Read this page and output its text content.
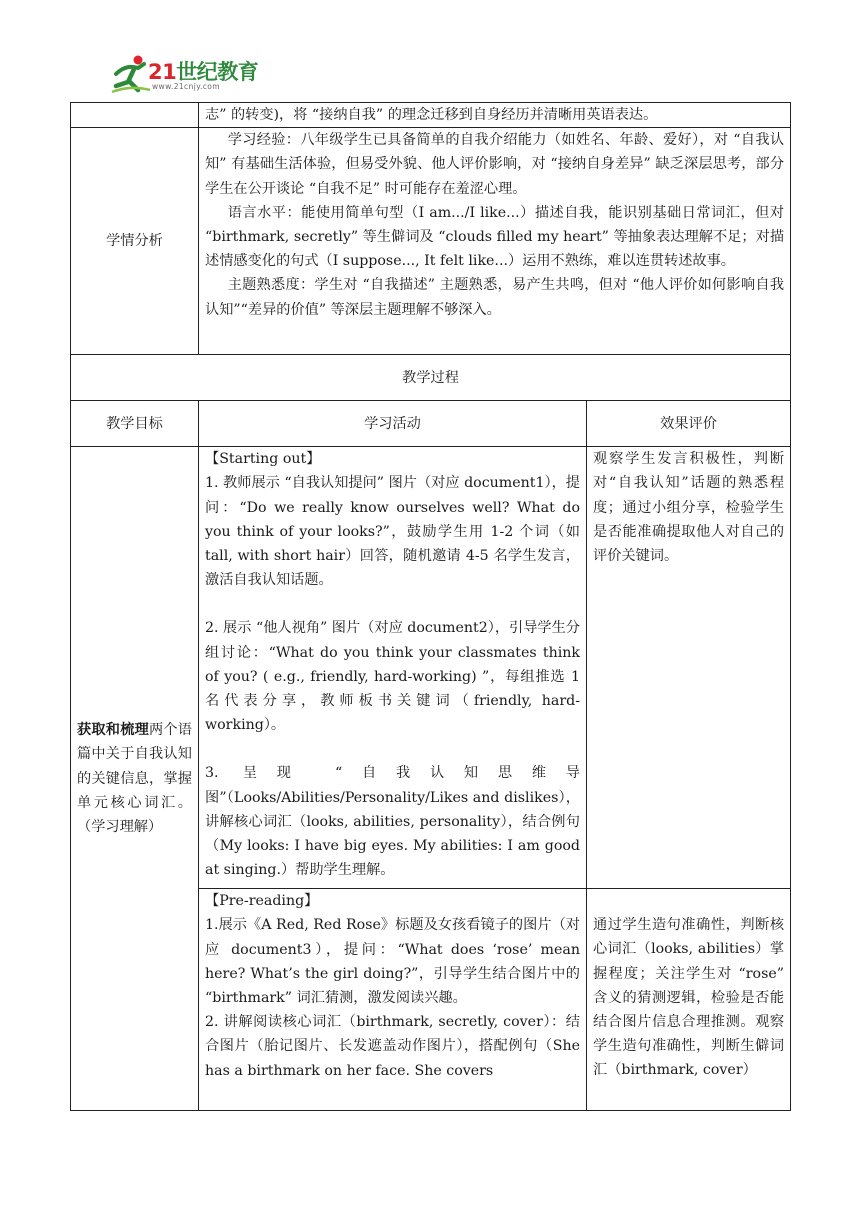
21世纪教育
www.21cnjy.com
	志” 的转变)，将 “接纳自我” 的理念迁移到自身经历并清晰用英语表达。	
学情分析	学习经验：八年级学生已具备简单的自我介绍能力（如姓名、年龄、爱好），对 “自我认知” 有基础生活体验，但易受外貌、他人评价影响，对 “接纳自身差异” 缺乏深层思考，部分学生在公开谈论 “自我不足” 时可能存在羞涩心理。

语言水平：能使用简单句型（I am.../I like...）描述自我，能识别基础日常词汇，但对 “birthmark, secretly” 等生僻词及 “clouds filled my heart” 等抽象表达理解不足；对描述情感变化的句式（I suppose..., It felt like...）运用不熟练，难以连贯转述故事。

主题熟悉度：学生对 “自我描述” 主题熟悉，易产生共鸣，但对 “他人评价如何影响自我认知”“差异的价值” 等深层主题理解不够深入。	

教学过程		
教学目标	学习活动	效果评价
获取和梳理两个语篇中关于自我认知的关键信息，掌握单元核心词汇。（学习理解）	【Starting out】

1. 教师展示 “自我认知提问” 图片（对应 document1），提问：“Do we really know ourselves well? What do you think of your looks?”，鼓励学生用 1-2 个词（如 tall, with short hair）回答，随机邀请 4-5 名学生发言，激活自我认知话题。

2. 展示 “他人视角” 图片（对应 document2），引导学生分组讨论：“What do you think your classmates think of you? ( e.g., friendly, hard-working) ”，每组推选 1 名代表分享，教师板书关键词（friendly, hard-working）。

3. 呈现 “自我认知思维导图”（Looks/Abilities/Personality/Likes and dislikes），讲解核心词汇（looks, abilities, personality），结合例句（My looks: I have big eyes. My abilities: I am good at singing.）帮助学生理解。	观察学生发言积极性，判断对“自我认知”话题的熟悉程度；通过小组分享，检验学生是否能准确提取他人对自己的评价关键词。

	【Pre-reading】

1.展示《A Red, Red Rose》标题及女孩看镜子的图片（对应 document3），提问：“What does ‘rose’ mean here? What’s the girl doing?”，引导学生结合图片中的 “birthmark” 词汇猜测，激发阅读兴趣。

2. 讲解阅读核心词汇（birthmark, secretly, cover）：结合图片（胎记图片、长发遮盖动作图片），搭配例句（She has a birthmark on her face. She covers	通过学生造句准确性，判断核心词汇（looks, abilities）掌握程度；关注学生对 “rose” 含义的猜测逻辑，检验是否能结合图片信息合理推测。观察学生造句准确性，判断生僻词汇（birthmark, cover）
